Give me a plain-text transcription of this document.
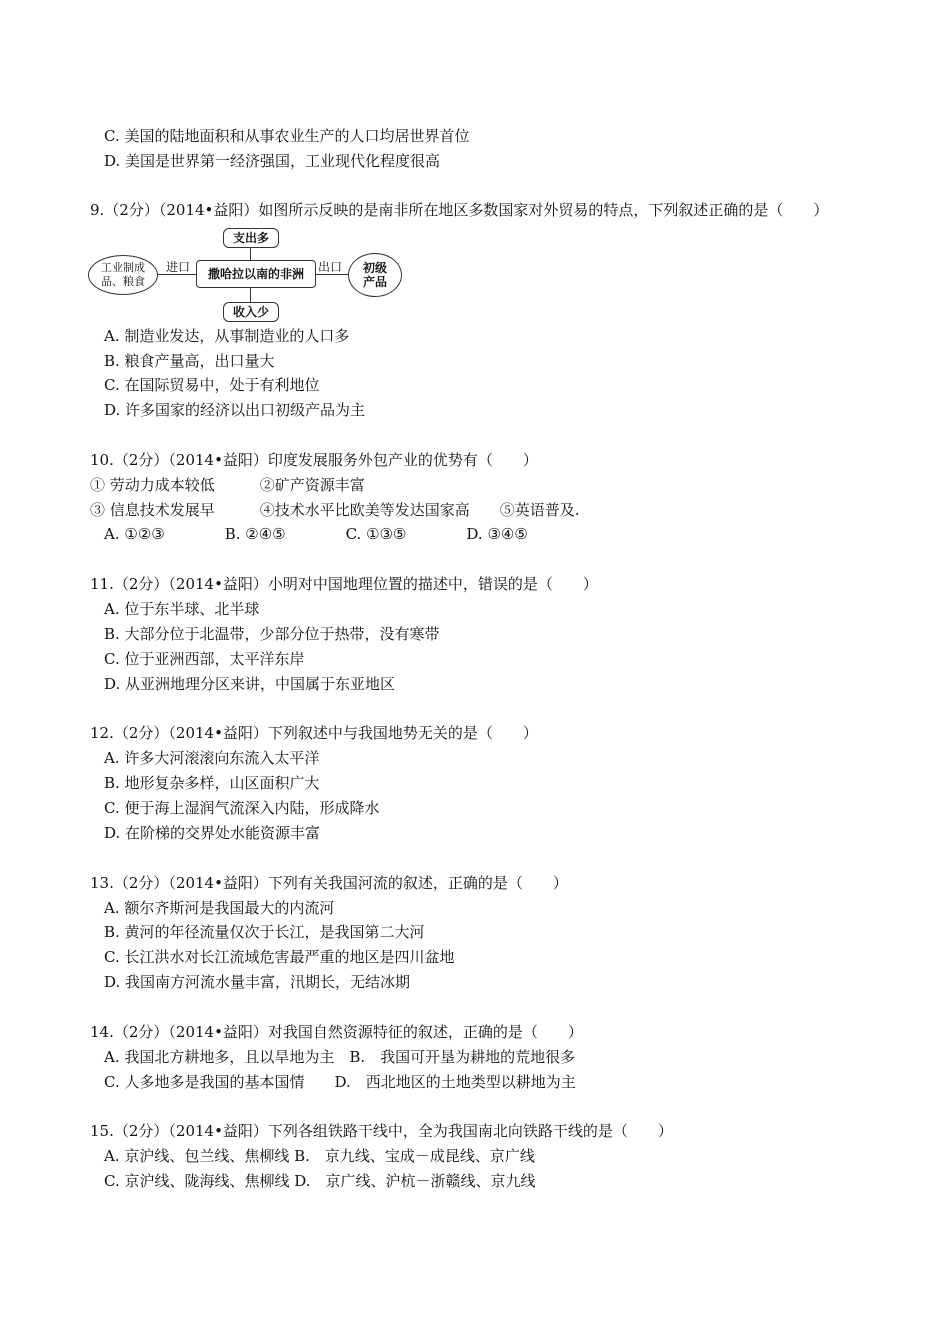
C. 美国的陆地面积和从事农业生产的人口均居世界首位
D. 美国是世界第一经济强国，工业现代化程度很高
9.（2分）（2014•益阳）如图所示反映的是南非所在地区多数国家对外贸易的特点，下列叙述正确的是（　　）
工业制成
品、粮食
进口	撒哈拉以南的非洲
支出多
收入少
出口 初级
产品
A. 制造业发达，从事制造业的人口多
B. 粮食产量高，出口量大
C. 在国际贸易中，处于有利地位
D. 许多国家的经济以出口初级产品为主
10.（2分）（2014•益阳）印度发展服务外包产业的优势有（　　）
① 劳动力成本较低　　　②矿产资源丰富
③ 信息技术发展早　　　④技术水平比欧美等发达国家高　　⑤英语普及.
A. ①②③　　　　B. ②④⑤　　　　C. ①③⑤　　　　D. ③④⑤
11.（2分）（2014•益阳）小明对中国地理位置的描述中，错误的是（　　）
A. 位于东半球、北半球
B. 大部分位于北温带，少部分位于热带，没有寒带
C. 位于亚洲西部，太平洋东岸
D. 从亚洲地理分区来讲，中国属于东亚地区
12.（2分）（2014•益阳）下列叙述中与我国地势无关的是（　　）
A. 许多大河滚滚向东流入太平洋
B. 地形复杂多样，山区面积广大
C. 便于海上湿润气流深入内陆，形成降水
D. 在阶梯的交界处水能资源丰富
13.（2分）（2014•益阳）下列有关我国河流的叙述，正确的是（　　）
A. 额尔齐斯河是我国最大的内流河
B. 黄河的年径流量仅次于长江，是我国第二大河
C. 长江洪水对长江流域危害最严重的地区是四川盆地
D. 我国南方河流水量丰富，汛期长，无结冰期
14.（2分）（2014•益阳）对我国自然资源特征的叙述，正确的是（　　）
A. 我国北方耕地多，且以旱地为主　B.　我国可开垦为耕地的荒地很多
C. 人多地多是我国的基本国情　　D.　西北地区的土地类型以耕地为主
15.（2分）（2014•益阳）下列各组铁路干线中，全为我国南北向铁路干线的是（　　）
A. 京沪线、包兰线、焦柳线 B.　京九线、宝成－成昆线、京广线
C. 京沪线、陇海线、焦柳线 D.　京广线、沪杭－浙赣线、京九线
